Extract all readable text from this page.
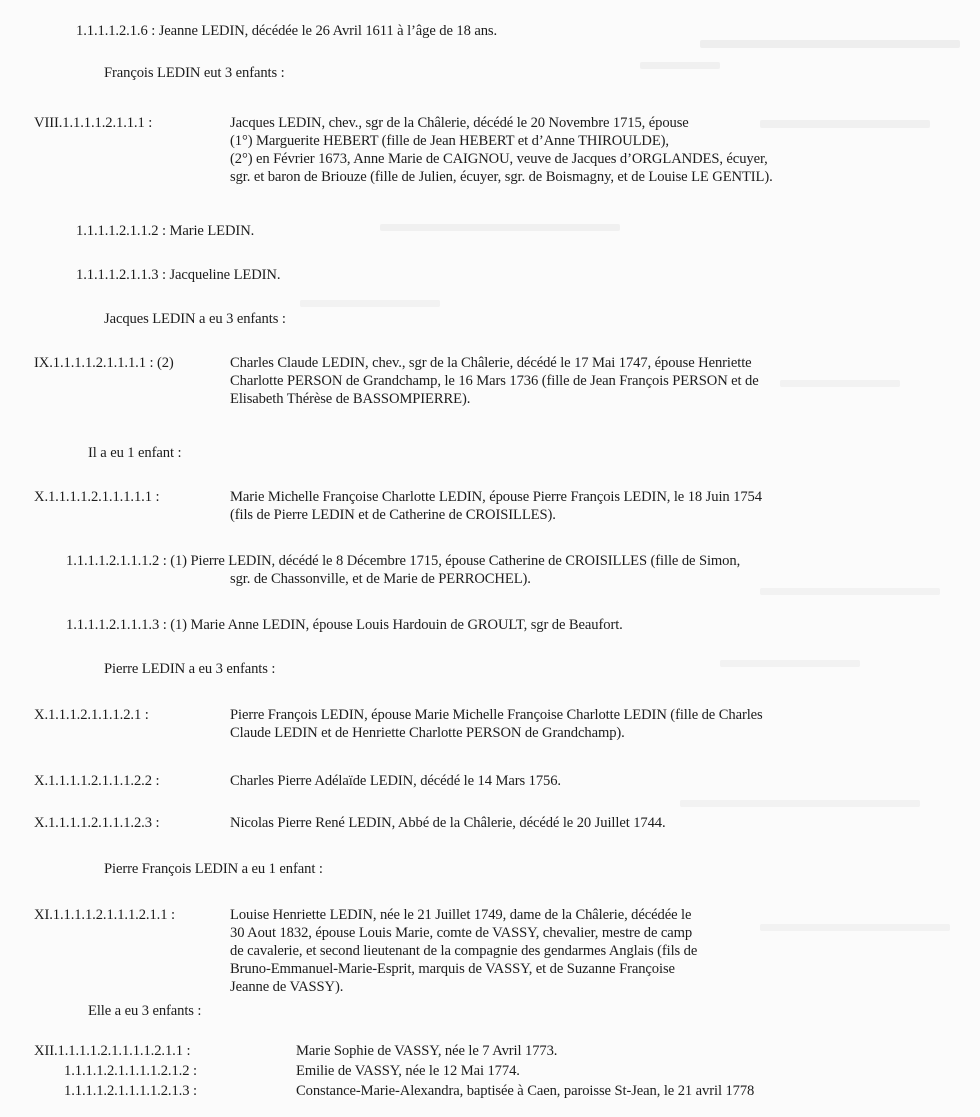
1.1.1.1.2.1.6 : Jeanne LEDIN, décédée le 26 Avril 1611 à l’âge de 18 ans.
François LEDIN eut 3 enfants :
VIII.1.1.1.1.2.1.1.1 :	Jacques LEDIN, chev., sgr de la Châlerie, décédé le 20 Novembre 1715, épouse
(1°) Marguerite HEBERT (fille de Jean HEBERT et d’Anne THIROULDE),
(2°) en Février 1673, Anne Marie de CAIGNOU, veuve de Jacques d’ORGLANDES, écuyer,
sgr. et baron de Briouze (fille de Julien, écuyer, sgr. de Boismagny, et de Louise LE GENTIL).
1.1.1.1.2.1.1.2 : Marie LEDIN.
1.1.1.1.2.1.1.3 : Jacqueline LEDIN.
Jacques LEDIN a eu 3 enfants :
IX.1.1.1.1.2.1.1.1.1 : (2)	Charles Claude LEDIN, chev., sgr de la Châlerie, décédé le 17 Mai 1747, épouse Henriette
Charlotte PERSON de Grandchamp, le 16 Mars 1736 (fille de Jean François PERSON et de
Elisabeth Thérèse de BASSOMPIERRE).
Il a eu 1 enfant :
X.1.1.1.1.2.1.1.1.1.1 :	Marie Michelle Françoise Charlotte LEDIN, épouse Pierre François LEDIN, le 18 Juin 1754
(fils de Pierre LEDIN et de Catherine de CROISILLES).
1.1.1.1.2.1.1.1.2 : (1) Pierre LEDIN, décédé le 8 Décembre 1715, épouse Catherine de CROISILLES (fille de Simon,
sgr. de Chassonville, et de Marie de PERROCHEL).
1.1.1.1.2.1.1.1.3 : (1) Marie Anne LEDIN, épouse Louis Hardouin de GROULT, sgr de Beaufort.
Pierre LEDIN a eu 3 enfants :
X.1.1.1.2.1.1.1.2.1 :	Pierre François LEDIN, épouse Marie Michelle Françoise Charlotte LEDIN (fille de Charles
Claude LEDIN et de Henriette Charlotte PERSON de Grandchamp).
X.1.1.1.1.2.1.1.1.2.2 :	Charles Pierre Adélaïde LEDIN, décédé le 14 Mars 1756.
X.1.1.1.1.2.1.1.1.2.3 :	Nicolas Pierre René LEDIN, Abbé de la Châlerie, décédé le 20 Juillet 1744.
Pierre François LEDIN a eu 1 enfant :
XI.1.1.1.1.2.1.1.1.2.1.1 :	Louise Henriette LEDIN, née le 21 Juillet 1749, dame de la Châlerie, décédée le
30 Aout 1832, épouse Louis Marie, comte de VASSY, chevalier, mestre de camp
de cavalerie, et second lieutenant de la compagnie des gendarmes Anglais (fils de
Bruno-Emmanuel-Marie-Esprit, marquis de VASSY, et de Suzanne Françoise
Jeanne de VASSY).
Elle a eu 3 enfants :
XII.1.1.1.1.2.1.1.1.1.2.1.1 :	Marie Sophie de VASSY, née le 7 Avril 1773.
1.1.1.1.2.1.1.1.1.2.1.2 :	Emilie de VASSY, née le 12 Mai 1774.
1.1.1.1.2.1.1.1.1.2.1.3 :	Constance-Marie-Alexandra, baptisée à Caen, paroisse St-Jean, le 21 avril 1778
